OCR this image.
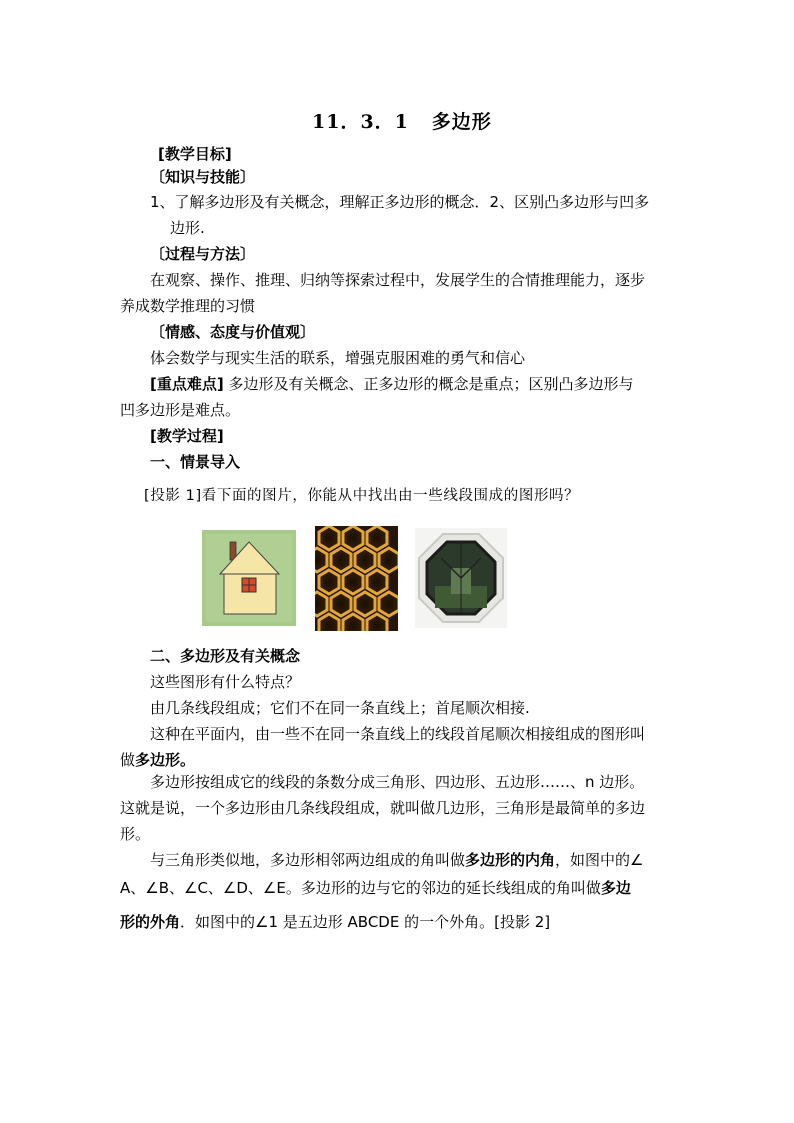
11．3．1   多边形
[教学目标]
〔知识与技能〕
1、了解多边形及有关概念，理解正多边形的概念．2、区别凸多边形与凹多
边形.
〔过程与方法〕
在观察、操作、推理、归纳等探索过程中，发展学生的合情推理能力，逐步
养成数学推理的习惯
〔情感、态度与价值观〕
体会数学与现实生活的联系，增强克服困难的勇气和信心
[重点难点] 多边形及有关概念、正多边形的概念是重点；区别凸多边形与
凹多边形是难点。
[教学过程]
一、情景导入
[投影 1]看下面的图片，你能从中找出由一些线段围成的图形吗？
二、多边形及有关概念
这些图形有什么特点？
由几条线段组成；它们不在同一条直线上；首尾顺次相接.
这种在平面内，由一些不在同一条直线上的线段首尾顺次相接组成的图形叫
做多边形。
多边形按组成它的线段的条数分成三角形、四边形、五边形……、n 边形。
这就是说，一个多边形由几条线段组成，就叫做几边形，三角形是最简单的多边
形。
与三角形类似地，多边形相邻两边组成的角叫做多边形的内角，如图中的∠
A、∠B、∠C、∠D、∠E。多边形的边与它的邻边的延长线组成的角叫做多边
形的外角．如图中的∠1 是五边形 ABCDE 的一个外角。[投影 2]
